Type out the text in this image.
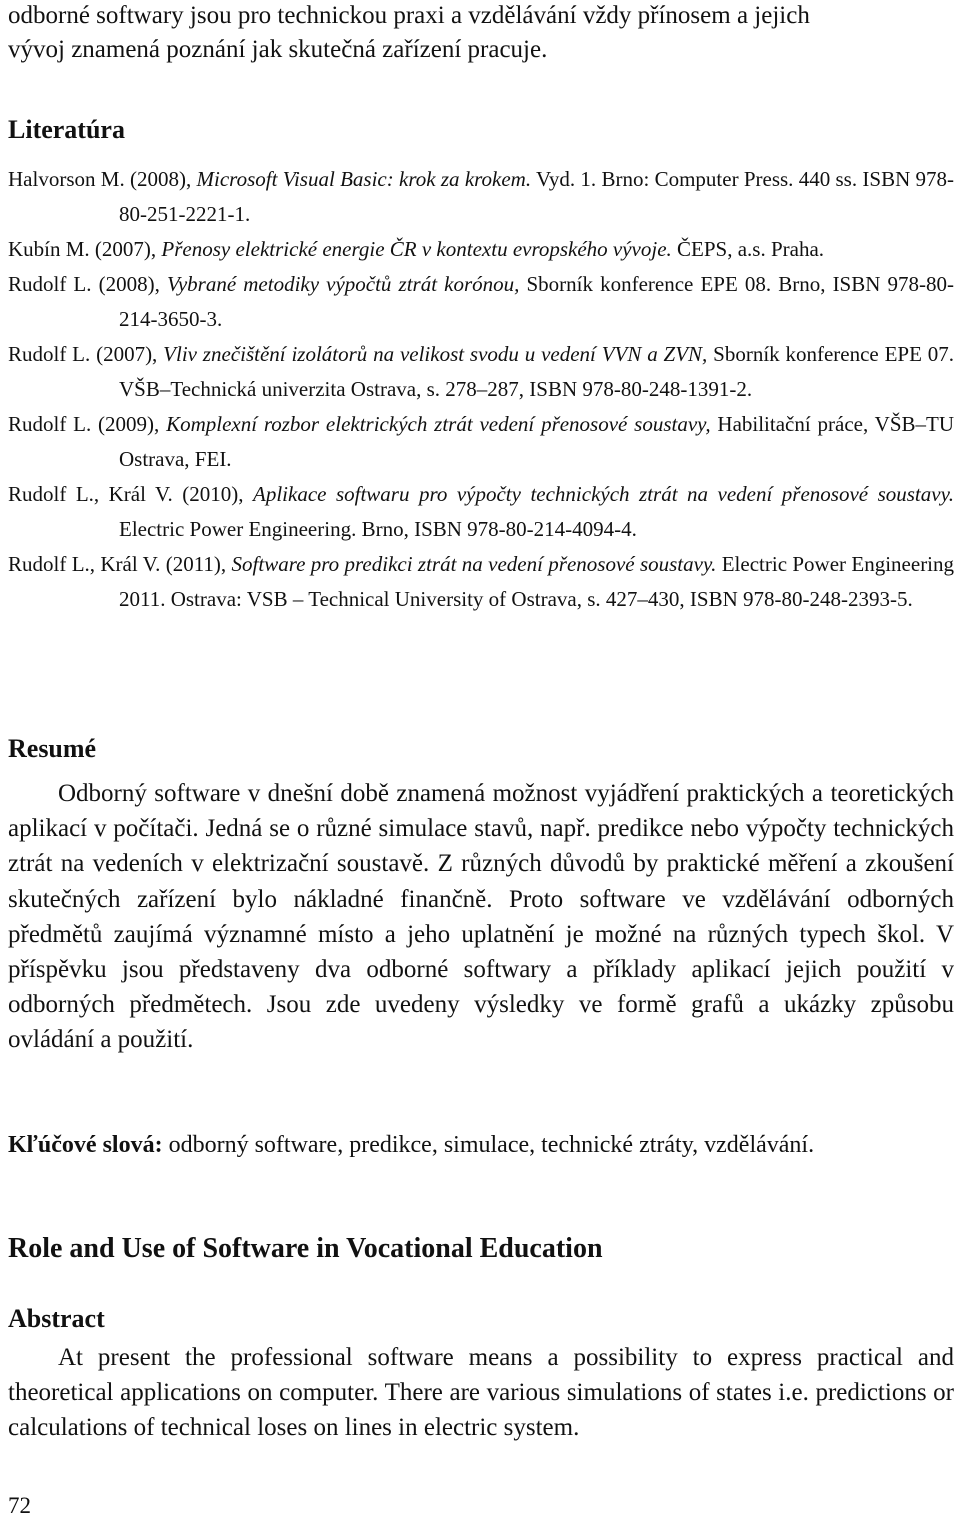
odborné softwary jsou pro technickou praxi a vzdělávání vždy přínosem a jejich
vývoj znamená poznání jak skutečná zařízení pracuje.
Literatúra

Halvorson M. (2008), Microsoft Visual Basic: krok za krokem. Vyd. 1. Brno: Computer Press. 440 ss. ISBN 978-80-251-2221-1.

Kubín M. (2007), Přenosy elektrické energie ČR v kontextu evropského vývoje. ČEPS, a.s. Praha.

Rudolf L. (2008), Vybrané metodiky výpočtů ztrát korónou, Sborník konference EPE 08. Brno, ISBN 978-80-214-3650-3.

Rudolf L. (2007), Vliv znečištění izolátorů na velikost svodu u vedení VVN a ZVN, Sborník konference EPE 07. VŠB–Technická univerzita Ostrava, s. 278–287, ISBN 978-80-248-1391-2.

Rudolf L. (2009), Komplexní rozbor elektrických ztrát vedení přenosové soustavy, Habilitační práce, VŠB–TU Ostrava, FEI.

Rudolf L., Král V. (2010), Aplikace softwaru pro výpočty technických ztrát na vedení přenosové soustavy. Electric Power Engineering. Brno, ISBN 978-80-214-4094-4.

Rudolf L., Král V. (2011), Software pro predikci ztrát na vedení přenosové soustavy. Electric Power Engineering 2011. Ostrava: VSB – Technical University of Ostrava, s. 427–430, ISBN 978-80-248-2393-5.

Resumé

Odborný software v dnešní době znamená možnost vyjádření praktických a teoretických aplikací v počítači. Jedná se o různé simulace stavů, např. predikce nebo výpočty technických ztrát na vedeních v elektrizační soustavě. Z různých důvodů by praktické měření a zkoušení skutečných zařízení bylo nákladné finančně. Proto software ve vzdělávání odborných předmětů zaujímá významné místo a jeho uplatnění je možné na různých typech škol. V příspěvku jsou představeny dva odborné softwary a příklady aplikací jejich použití v odborných předmětech. Jsou zde uvedeny výsledky ve formě grafů a ukázky způsobu ovládání a použití.

Kľúčové slová: odborný software, predikce, simulace, technické ztráty, vzdělávání.

Role and Use of Software in Vocational Education
Abstract

At present the professional software means a possibility to express practical and theoretical applications on computer. There are various simulations of states i.e. predictions or calculations of technical loses on lines in electric system.

72
